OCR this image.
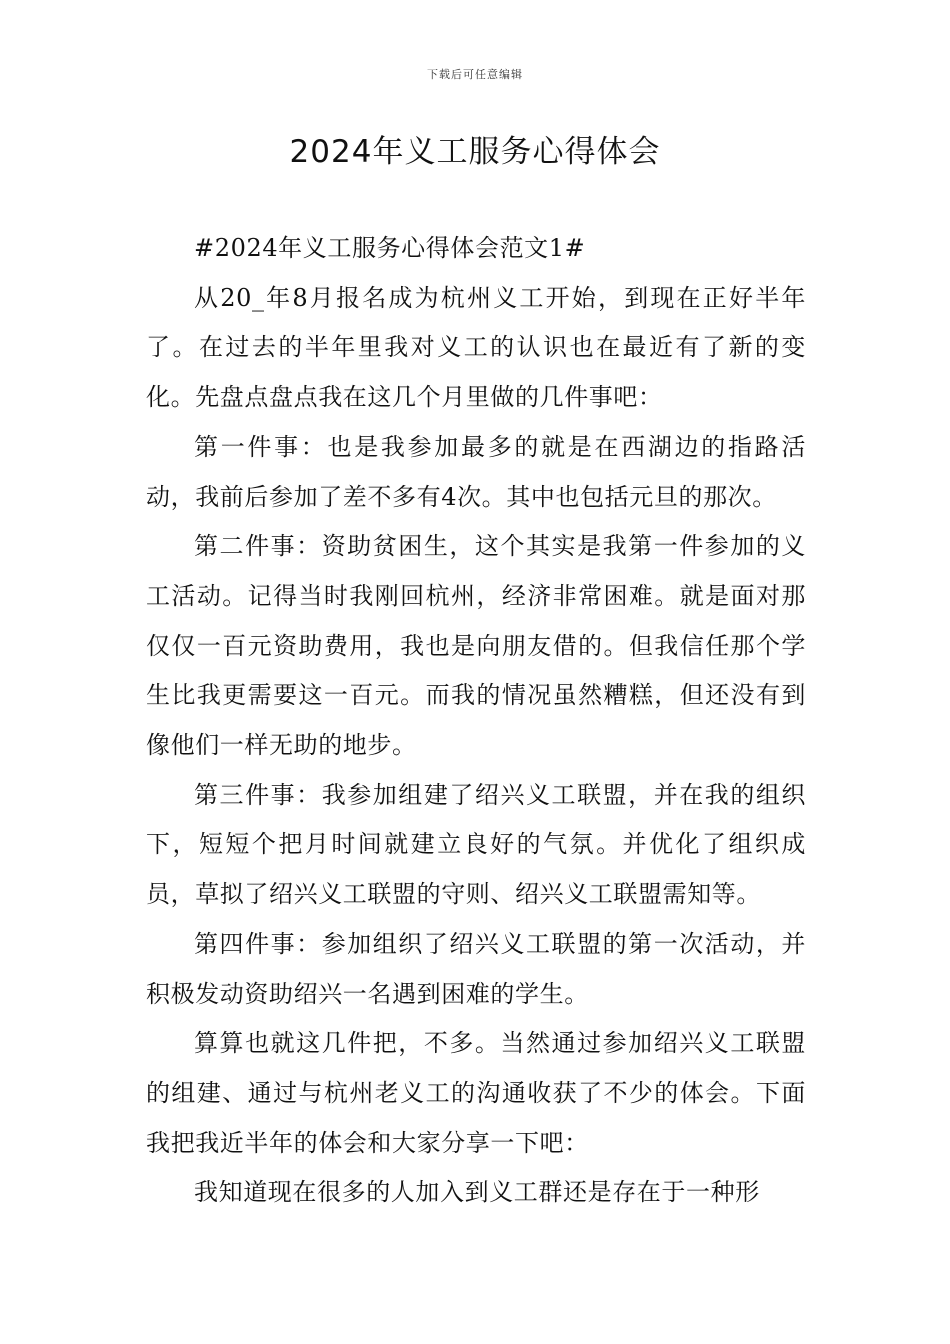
下载后可任意编辑
2024年义工服务心得体会

#2024年义工服务心得体会范文1#

从20_年8月报名成为杭州义工开始，到现在正好半年了。在过去的半年里我对义工的认识也在最近有了新的变化。先盘点盘点我在这几个月里做的几件事吧：

第一件事：也是我参加最多的就是在西湖边的指路活动，我前后参加了差不多有4次。其中也包括元旦的那次。

第二件事：资助贫困生，这个其实是我第一件参加的义工活动。记得当时我刚回杭州，经济非常困难。就是面对那仅仅一百元资助费用，我也是向朋友借的。但我信任那个学生比我更需要这一百元。而我的情况虽然糟糕，但还没有到像他们一样无助的地步。

第三件事：我参加组建了绍兴义工联盟，并在我的组织下，短短个把月时间就建立良好的气氛。并优化了组织成员，草拟了绍兴义工联盟的守则、绍兴义工联盟需知等。

第四件事：参加组织了绍兴义工联盟的第一次活动，并积极发动资助绍兴一名遇到困难的学生。

算算也就这几件把，不多。当然通过参加绍兴义工联盟的组建、通过与杭州老义工的沟通收获了不少的体会。下面我把我近半年的体会和大家分享一下吧：

我知道现在很多的人加入到义工群还是存在于一种形
